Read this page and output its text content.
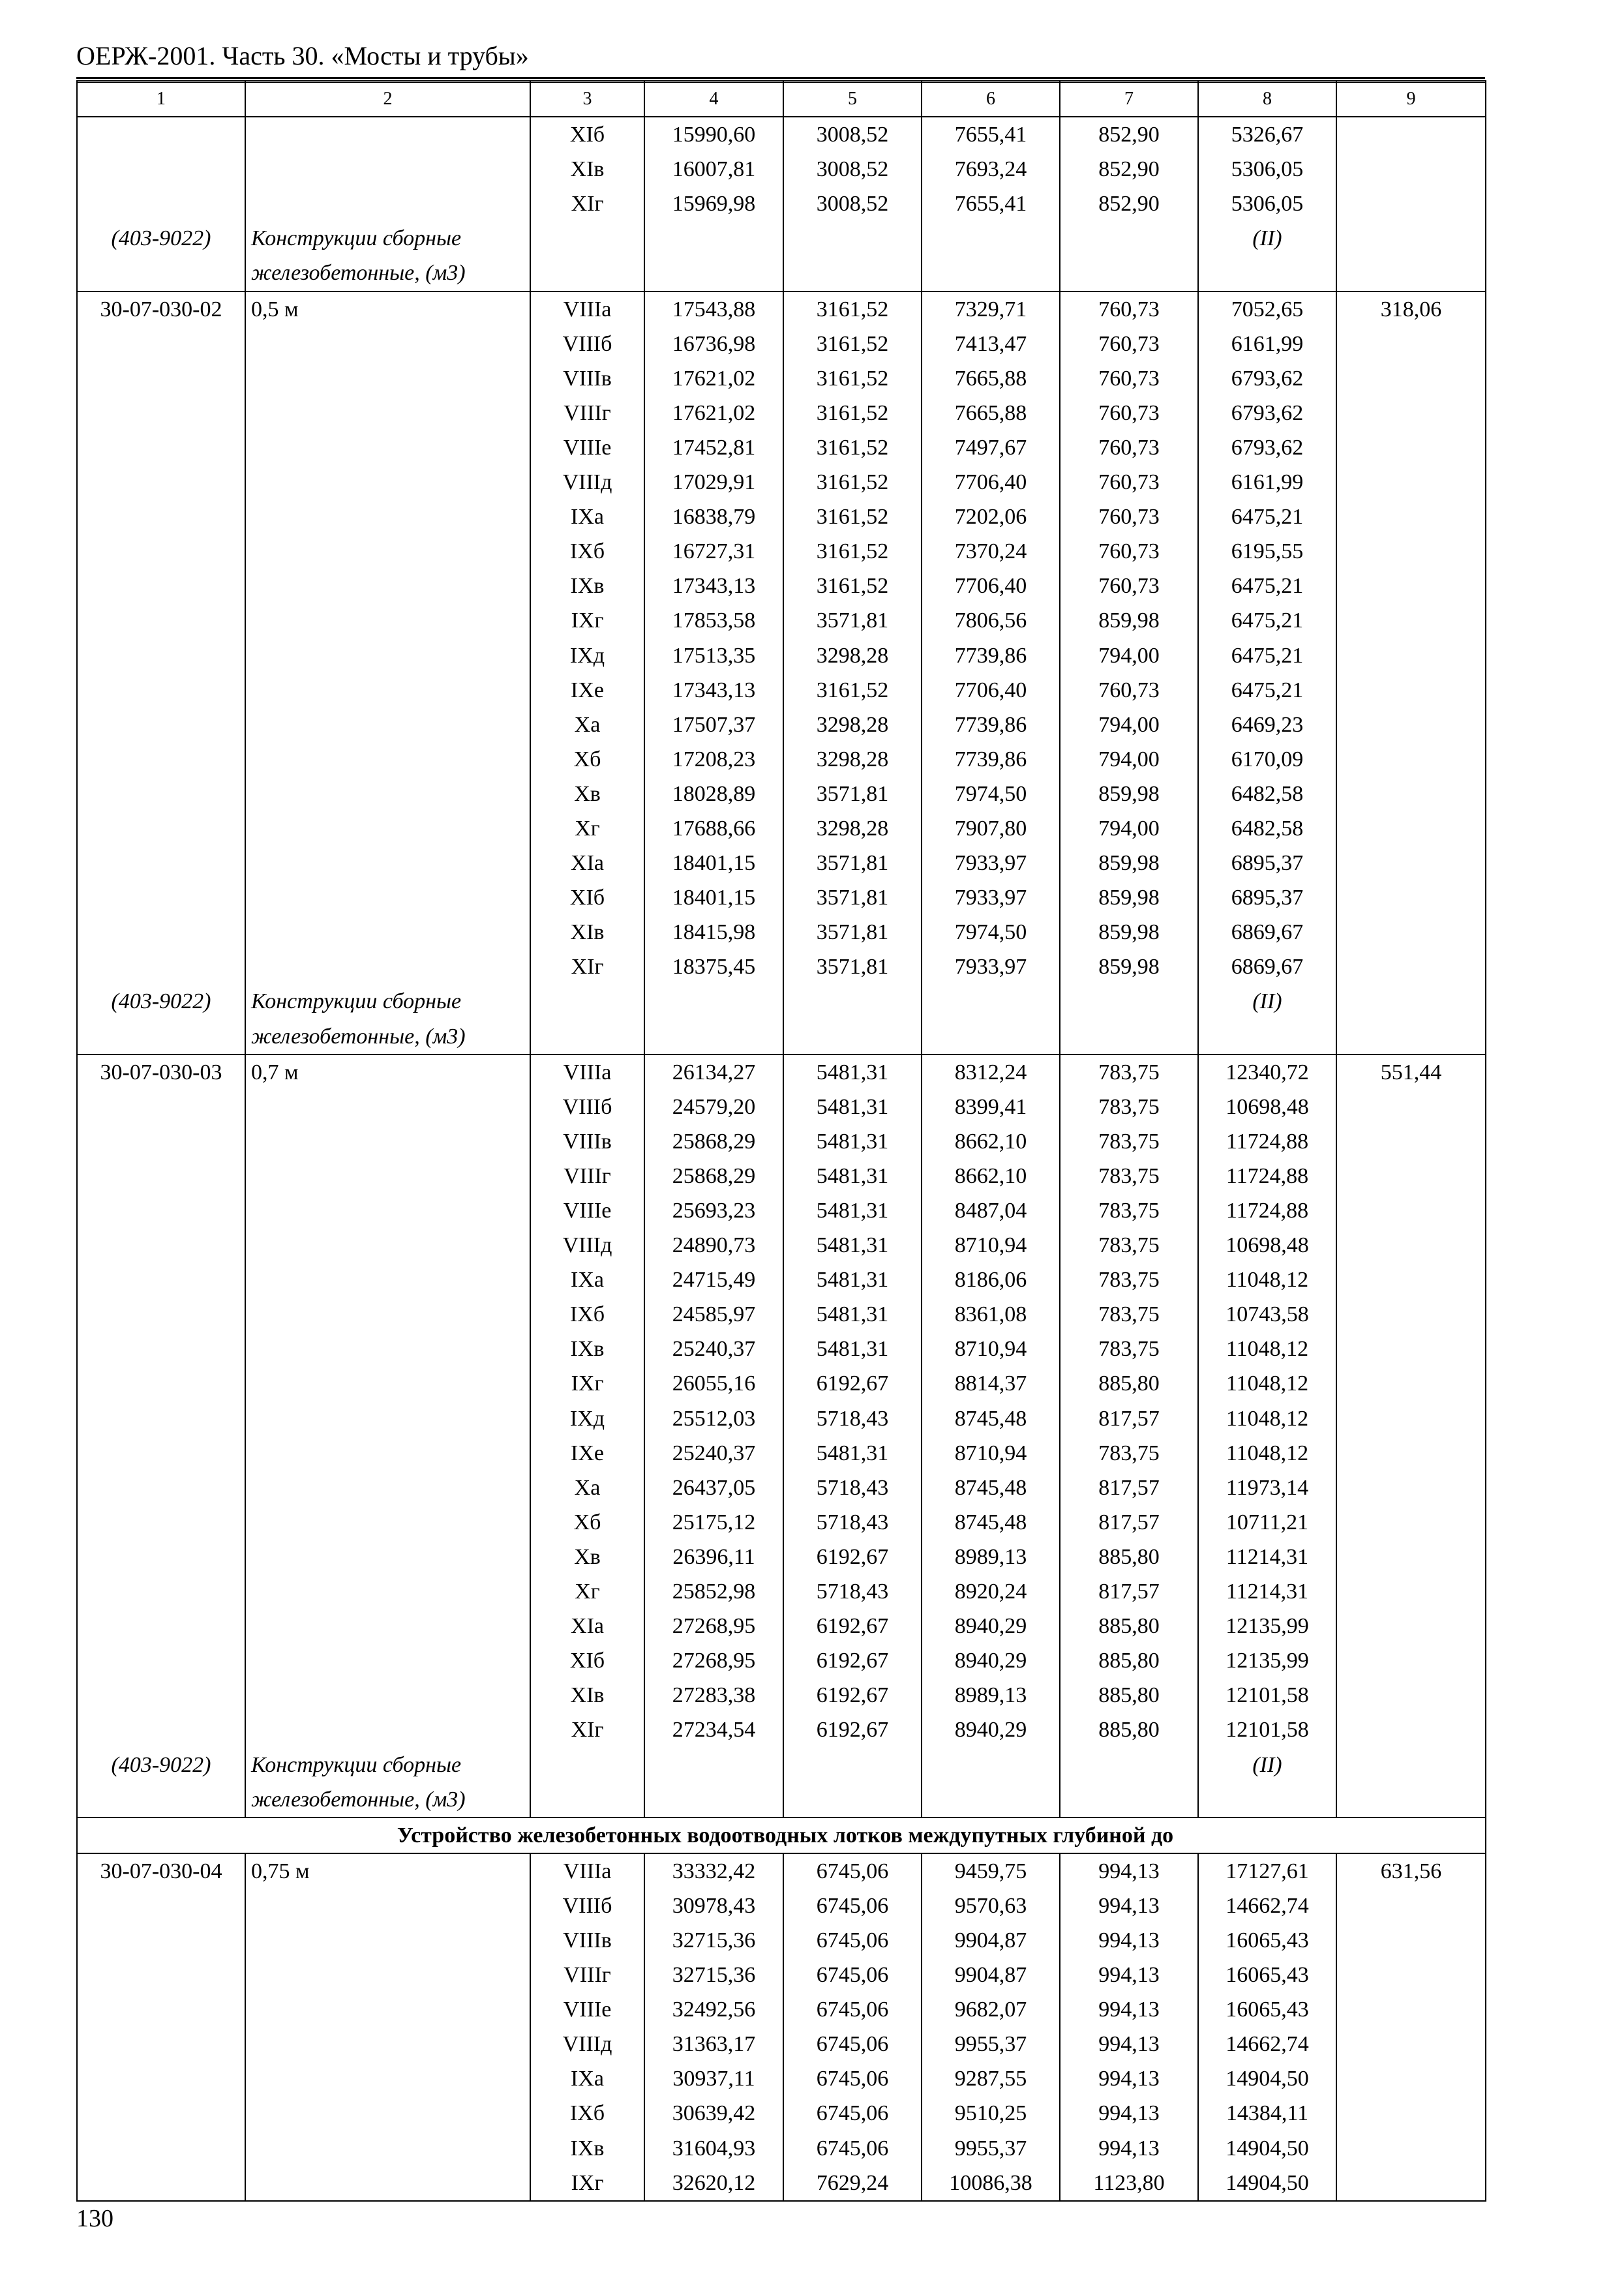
ОЕРЖ-2001. Часть 30. «Мосты и трубы»
1	2	3	4	5	6	7	8	9
		XIб	15990,60	3008,52	7655,41	852,90	5326,67	
		XIв	16007,81	3008,52	7693,24	852,90	5306,05	
		XIг	15969,98	3008,52	7655,41	852,90	5306,05	
(403-9022)	Конструкции сборные железобетонные, (м3)						(II)	
30-07-030-02	0,5 м	VIIIa	17543,88	3161,52	7329,71	760,73	7052,65	318,06
		VIIIб	16736,98	3161,52	7413,47	760,73	6161,99	
		VIIIв	17621,02	3161,52	7665,88	760,73	6793,62	
		VIIIг	17621,02	3161,52	7665,88	760,73	6793,62	
		VIIIe	17452,81	3161,52	7497,67	760,73	6793,62	
		VIIIд	17029,91	3161,52	7706,40	760,73	6161,99	
		IXa	16838,79	3161,52	7202,06	760,73	6475,21	
		IXб	16727,31	3161,52	7370,24	760,73	6195,55	
		IXв	17343,13	3161,52	7706,40	760,73	6475,21	
		IXг	17853,58	3571,81	7806,56	859,98	6475,21	
		IXд	17513,35	3298,28	7739,86	794,00	6475,21	
		IXe	17343,13	3161,52	7706,40	760,73	6475,21	
		Xa	17507,37	3298,28	7739,86	794,00	6469,23	
		Xб	17208,23	3298,28	7739,86	794,00	6170,09	
		Xв	18028,89	3571,81	7974,50	859,98	6482,58	
		Xг	17688,66	3298,28	7907,80	794,00	6482,58	
		XIa	18401,15	3571,81	7933,97	859,98	6895,37	
		XIб	18401,15	3571,81	7933,97	859,98	6895,37	
		XIв	18415,98	3571,81	7974,50	859,98	6869,67	
		XIг	18375,45	3571,81	7933,97	859,98	6869,67	
(403-9022)	Конструкции сборные железобетонные, (м3)						(II)	
30-07-030-03	0,7 м	VIIIa	26134,27	5481,31	8312,24	783,75	12340,72	551,44
		VIIIб	24579,20	5481,31	8399,41	783,75	10698,48	
		VIIIв	25868,29	5481,31	8662,10	783,75	11724,88	
		VIIIг	25868,29	5481,31	8662,10	783,75	11724,88	
		VIIIe	25693,23	5481,31	8487,04	783,75	11724,88	
		VIIIд	24890,73	5481,31	8710,94	783,75	10698,48	
		IXa	24715,49	5481,31	8186,06	783,75	11048,12	
		IXб	24585,97	5481,31	8361,08	783,75	10743,58	
		IXв	25240,37	5481,31	8710,94	783,75	11048,12	
		IXг	26055,16	6192,67	8814,37	885,80	11048,12	
		IXд	25512,03	5718,43	8745,48	817,57	11048,12	
		IXe	25240,37	5481,31	8710,94	783,75	11048,12	
		Xa	26437,05	5718,43	8745,48	817,57	11973,14	
		Xб	25175,12	5718,43	8745,48	817,57	10711,21	
		Xв	26396,11	6192,67	8989,13	885,80	11214,31	
		Xг	25852,98	5718,43	8920,24	817,57	11214,31	
		XIa	27268,95	6192,67	8940,29	885,80	12135,99	
		XIб	27268,95	6192,67	8940,29	885,80	12135,99	
		XIв	27283,38	6192,67	8989,13	885,80	12101,58	
		XIг	27234,54	6192,67	8940,29	885,80	12101,58	
(403-9022)	Конструкции сборные железобетонные, (м3)						(II)	
Устройство железобетонных водоотводных лотков междупутных глубиной до								
30-07-030-04	0,75 м	VIIIa	33332,42	6745,06	9459,75	994,13	17127,61	631,56
		VIIIб	30978,43	6745,06	9570,63	994,13	14662,74	
		VIIIв	32715,36	6745,06	9904,87	994,13	16065,43	
		VIIIг	32715,36	6745,06	9904,87	994,13	16065,43	
		VIIIe	32492,56	6745,06	9682,07	994,13	16065,43	
		VIIIд	31363,17	6745,06	9955,37	994,13	14662,74	
		IXa	30937,11	6745,06	9287,55	994,13	14904,50	
		IXб	30639,42	6745,06	9510,25	994,13	14384,11	
		IXв	31604,93	6745,06	9955,37	994,13	14904,50	
		IXг	32620,12	7629,24	10086,38	1123,80	14904,50	
130
